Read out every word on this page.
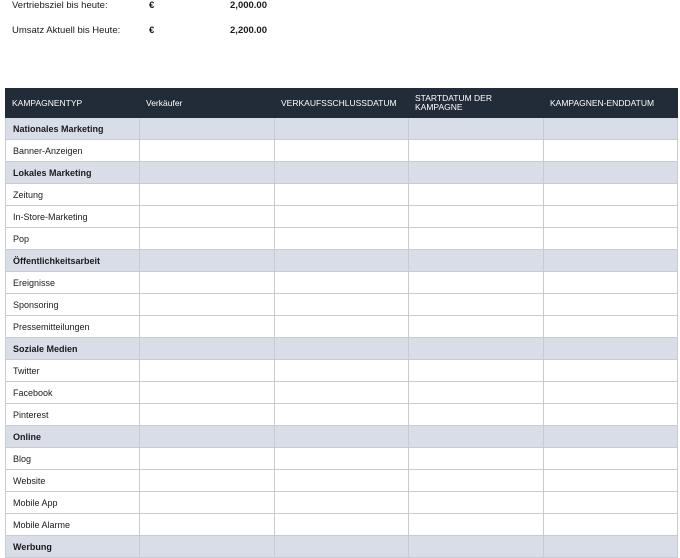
Vertriebsziel bis heute:	€	2,000.00
Umsatz Aktuell bis Heute:	€	2,200.00
KAMPAGNENTYP	Verkäufer	VERKAUFSSCHLUSSDATUM	STARTDATUM DER KAMPAGNE	KAMPAGNEN-ENDDATUM
Nationales Marketing				
Banner-Anzeigen				
Lokales Marketing				
Zeitung				
In-Store-Marketing				
Pop				
Öffentlichkeitsarbeit				
Ereignisse				
Sponsoring				
Pressemitteilungen				
Soziale Medien				
Twitter				
Facebook				
Pinterest				
Online				
Blog				
Website				
Mobile App				
Mobile Alarme				
Werbung				
